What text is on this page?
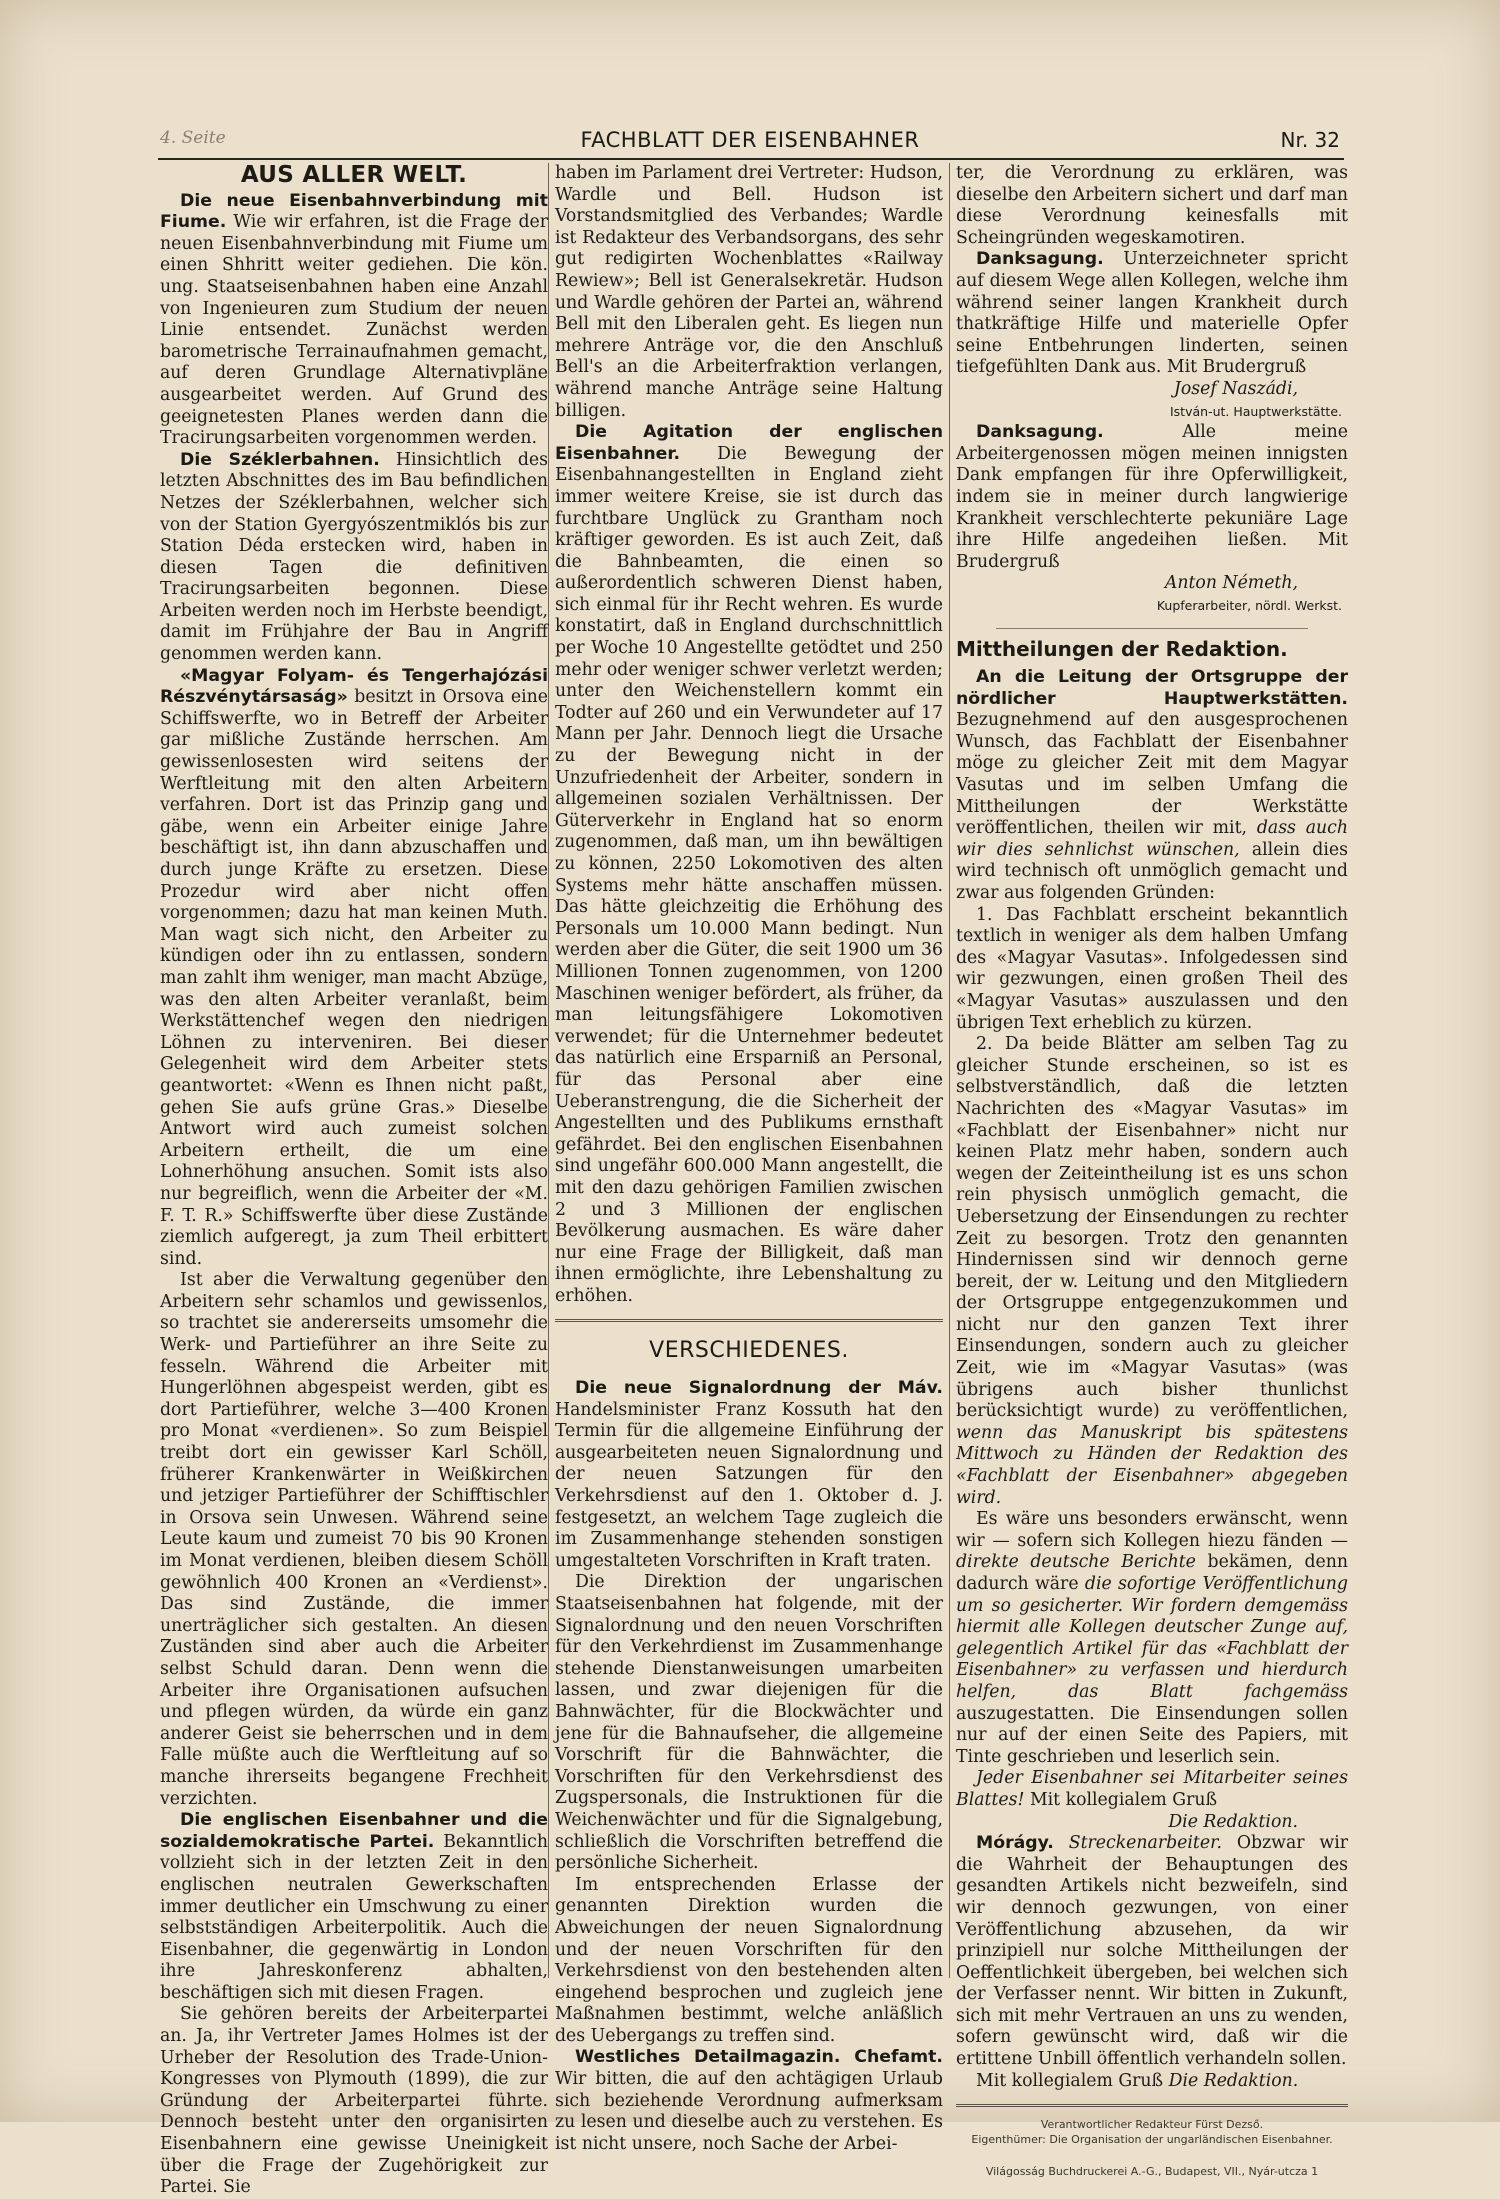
4. Seite	FACHBLATT DER EISENBAHNER	Nr. 32
AUS ALLER WELT.

Die neue Eisenbahnverbindung mit Fiume. Wie wir erfahren, ist die Frage der neuen Eisenbahnverbindung mit Fiume um einen Shhritt weiter gediehen. Die kön. ung. Staatseisenbahnen haben eine Anzahl von Ingenieuren zum Studium der neuen Linie entsendet. Zunächst werden barometrische Terrainaufnahmen gemacht, auf deren Grundlage Alternativpläne ausgearbeitet werden. Auf Grund des geeignetesten Planes werden dann die Tracirungsarbeiten vorgenommen werden.

Die Széklerbahnen. Hinsichtlich des letzten Abschnittes des im Bau befindlichen Netzes der Széklerbahnen, welcher sich von der Station Gyergyószentmiklós bis zur Station Déda erstecken wird, haben in diesen Tagen die definitiven Tracirungsarbeiten begonnen. Diese Arbeiten werden noch im Herbste beendigt, damit im Frühjahre der Bau in Angriff genommen werden kann.

«Magyar Folyam- és Tengerhajózási Részvénytársaság» besitzt in Orsova eine Schiffswerfte, wo in Betreff der Arbeiter gar mißliche Zustände herrschen. Am gewissenlosesten wird seitens der Werftleitung mit den alten Arbeitern verfahren. Dort ist das Prinzip gang und gäbe, wenn ein Arbeiter einige Jahre beschäftigt ist, ihn dann abzuschaffen und durch junge Kräfte zu ersetzen. Diese Prozedur wird aber nicht offen vorgenommen; dazu hat man keinen Muth. Man wagt sich nicht, den Arbeiter zu kündigen oder ihn zu entlassen, sondern man zahlt ihm weniger, man macht Abzüge, was den alten Arbeiter veranlaßt, beim Werkstättenchef wegen den niedrigen Löhnen zu interveniren. Bei dieser Gelegenheit wird dem Arbeiter stets geantwortet: «Wenn es Ihnen nicht paßt, gehen Sie aufs grüne Gras.» Dieselbe Antwort wird auch zumeist solchen Arbeitern ertheilt, die um eine Lohnerhöhung ansuchen. Somit ists also nur begreiflich, wenn die Arbeiter der «M. F. T. R.» Schiffswerfte über diese Zustände ziemlich aufgeregt, ja zum Theil erbittert sind.

Ist aber die Verwaltung gegenüber den Arbeitern sehr schamlos und gewissenlos, so trachtet sie andererseits umsomehr die Werk- und Partieführer an ihre Seite zu fesseln. Während die Arbeiter mit Hungerlöhnen abgespeist werden, gibt es dort Partieführer, welche 3—400 Kronen pro Monat «verdienen». So zum Beispiel treibt dort ein gewisser Karl Schöll, früherer Krankenwärter in Weißkirchen und jetziger Partieführer der Schifftischler in Orsova sein Unwesen. Während seine Leute kaum und zumeist 70 bis 90 Kronen im Monat verdienen, bleiben diesem Schöll gewöhnlich 400 Kronen an «Verdienst». Das sind Zustände, die immer unerträglicher sich gestalten. An diesen Zuständen sind aber auch die Arbeiter selbst Schuld daran. Denn wenn die Arbeiter ihre Organisationen aufsuchen und pflegen würden, da würde ein ganz anderer Geist sie beherrschen und in dem Falle müßte auch die Werftleitung auf so manche ihrerseits begangene Frechheit verzichten.

Die englischen Eisenbahner und die sozialdemokratische Partei. Bekanntlich vollzieht sich in der letzten Zeit in den englischen neutralen Gewerkschaften immer deutlicher ein Umschwung zu einer selbstständigen Arbeiterpolitik. Auch die Eisenbahner, die gegenwärtig in London ihre Jahreskonferenz abhalten, beschäftigen sich mit diesen Fragen.

Sie gehören bereits der Arbeiterpartei an. Ja, ihr Vertreter James Holmes ist der Urheber der Resolution des Trade-Union-Kongresses von Plymouth (1899), die zur Gründung der Arbeiterpartei führte. Dennoch besteht unter den organisirten Eisenbahnern eine gewisse Uneinigkeit über die Frage der Zugehörigkeit zur Partei. Sie

haben im Parlament drei Vertreter: Hudson, Wardle und Bell. Hudson ist Vorstandsmitglied des Verbandes; Wardle ist Redakteur des Verbandsorgans, des sehr gut redigirten Wochenblattes «Railway Rewiew»; Bell ist Generalsekretär. Hudson und Wardle gehören der Partei an, während Bell mit den Liberalen geht. Es liegen nun mehrere Anträge vor, die den Anschluß Bell's an die Arbeiterfraktion verlangen, während manche Anträge seine Haltung billigen.

Die Agitation der englischen Eisenbahner. Die Bewegung der Eisenbahnangestellten in England zieht immer weitere Kreise, sie ist durch das furchtbare Unglück zu Grantham noch kräftiger geworden. Es ist auch Zeit, daß die Bahnbeamten, die einen so außerordentlich schweren Dienst haben, sich einmal für ihr Recht wehren. Es wurde konstatirt, daß in England durchschnittlich per Woche 10 Angestellte getödtet und 250 mehr oder weniger schwer verletzt werden; unter den Weichenstellern kommt ein Todter auf 260 und ein Verwundeter auf 17 Mann per Jahr. Dennoch liegt die Ursache zu der Bewegung nicht in der Unzufriedenheit der Arbeiter, sondern in allgemeinen sozialen Verhältnissen. Der Güterverkehr in England hat so enorm zugenommen, daß man, um ihn bewältigen zu können, 2250 Lokomotiven des alten Systems mehr hätte anschaffen müssen. Das hätte gleichzeitig die Erhöhung des Personals um 10.000 Mann bedingt. Nun werden aber die Güter, die seit 1900 um 36 Millionen Tonnen zugenommen, von 1200 Maschinen weniger befördert, als früher, da man leitungsfähigere Lokomotiven verwendet; für die Unternehmer bedeutet das natürlich eine Ersparniß an Personal, für das Personal aber eine Ueberanstrengung, die die Sicherheit der Angestellten und des Publikums ernsthaft gefährdet. Bei den englischen Eisenbahnen sind ungefähr 600.000 Mann angestellt, die mit den dazu gehörigen Familien zwischen 2 und 3 Millionen der englischen Bevölkerung ausmachen. Es wäre daher nur eine Frage der Billigkeit, daß man ihnen ermöglichte, ihre Lebenshaltung zu erhöhen.

VERSCHIEDENES.

Die neue Signalordnung der Máv. Handelsminister Franz Kossuth hat den Termin für die allgemeine Einführung der ausgearbeiteten neuen Signalordnung und der neuen Satzungen für den Verkehrsdienst auf den 1. Oktober d. J. festgesetzt, an welchem Tage zugleich die im Zusammenhange stehenden sonstigen umgestalteten Vorschriften in Kraft traten.

Die Direktion der ungarischen Staatseisenbahnen hat folgende, mit der Signalordnung und den neuen Vorschriften für den Verkehrdienst im Zusammenhange stehende Dienstanweisungen umarbeiten lassen, und zwar diejenigen für die Bahnwächter, für die Blockwächter und jene für die Bahnaufseher, die allgemeine Vorschrift für die Bahnwächter, die Vorschriften für den Verkehrsdienst des Zugspersonals, die Instruktionen für die Weichenwächter und für die Signalgebung, schließlich die Vorschriften betreffend die persönliche Sicherheit.

Im entsprechenden Erlasse der genannten Direktion wurden die Abweichungen der neuen Signalordnung und der neuen Vorschriften für den Verkehrsdienst von den bestehenden alten eingehend besprochen und zugleich jene Maßnahmen bestimmt, welche anläßlich des Uebergangs zu treffen sind.

Westliches Detailmagazin. Chefamt. Wir bitten, die auf den achtägigen Urlaub sich beziehende Verordnung aufmerksam zu lesen und dieselbe auch zu verstehen. Es ist nicht unsere, noch Sache der Arbei-

ter, die Verordnung zu erklären, was dieselbe den Arbeitern sichert und darf man diese Verordnung keinesfalls mit Scheingründen wegeskamotiren.

Danksagung. Unterzeichneter spricht auf diesem Wege allen Kollegen, welche ihm während seiner langen Krankheit durch thatkräftige Hilfe und materielle Opfer seine Entbehrungen linderten, seinen tiefgefühlten Dank aus. Mit Brudergruß

Josef Naszádi,

István-ut. Hauptwerkstätte.

Danksagung. Alle meine Arbeitergenossen mögen meinen innigsten Dank empfangen für ihre Opferwilligkeit, indem sie in meiner durch langwierige Krankheit verschlechterte pekuniäre Lage ihre Hilfe angedeihen ließen. Mit Brudergruß

Anton Németh,

Kupferarbeiter, nördl. Werkst.

Mittheilungen der Redaktion.

An die Leitung der Ortsgruppe der nördlicher Hauptwerkstätten. Bezugnehmend auf den ausgesprochenen Wunsch, das Fachblatt der Eisenbahner möge zu gleicher Zeit mit dem Magyar Vasutas und im selben Umfang die Mittheilungen der Werkstätte veröffentlichen, theilen wir mit, dass auch wir dies sehnlichst wünschen, allein dies wird technisch oft unmöglich gemacht und zwar aus folgenden Gründen:

1. Das Fachblatt erscheint bekanntlich textlich in weniger als dem halben Umfang des «Magyar Vasutas». Infolgedessen sind wir gezwungen, einen großen Theil des «Magyar Vasutas» auszulassen und den übrigen Text erheblich zu kürzen.

2. Da beide Blätter am selben Tag zu gleicher Stunde erscheinen, so ist es selbstverständlich, daß die letzten Nachrichten des «Magyar Vasutas» im «Fachblatt der Eisenbahner» nicht nur keinen Platz mehr haben, sondern auch wegen der Zeiteintheilung ist es uns schon rein physisch unmöglich gemacht, die Uebersetzung der Einsendungen zu rechter Zeit zu besorgen. Trotz den genannten Hindernissen sind wir dennoch gerne bereit, der w. Leitung und den Mitgliedern der Ortsgruppe entgegenzukommen und nicht nur den ganzen Text ihrer Einsendungen, sondern auch zu gleicher Zeit, wie im «Magyar Vasutas» (was übrigens auch bisher thunlichst berücksichtigt wurde) zu veröffentlichen, wenn das Manuskript bis spätestens Mittwoch zu Händen der Redaktion des «Fachblatt der Eisenbahner» abgegeben wird.

Es wäre uns besonders erwänscht, wenn wir — sofern sich Kollegen hiezu fänden — direkte deutsche Berichte bekämen, denn dadurch wäre die sofortige Veröffentlichung um so gesicherter. Wir fordern demgemäss hiermit alle Kollegen deutscher Zunge auf, gelegentlich Artikel für das «Fachblatt der Eisenbahner» zu verfassen und hierdurch helfen, das Blatt fachgemäss auszugestatten. Die Einsendungen sollen nur auf der einen Seite des Papiers, mit Tinte geschrieben und leserlich sein.

Jeder Eisenbahner sei Mitarbeiter seines Blattes! Mit kollegialem Gruß

Die Redaktion.

Mórágy. Streckenarbeiter. Obzwar wir die Wahrheit der Behauptungen des gesandten Artikels nicht bezweifeln, sind wir dennoch gezwungen, von einer Veröffentlichung abzusehen, da wir prinzipiell nur solche Mittheilungen der Oeffentlichkeit übergeben, bei welchen sich der Verfasser nennt. Wir bitten in Zukunft, sich mit mehr Vertrauen an uns zu wenden, sofern gewünscht wird, daß wir die ertittene Unbill öffentlich verhandeln sollen.

Mit kollegialem Gruß Die Redaktion.

Verantwortlicher Redakteur Fürst Dezső.
Eigenthümer: Die Organisation der ungarländischen Eisenbahner.
Világosság Buchdruckerei A.-G., Budapest, VII., Nyár-utcza 1
